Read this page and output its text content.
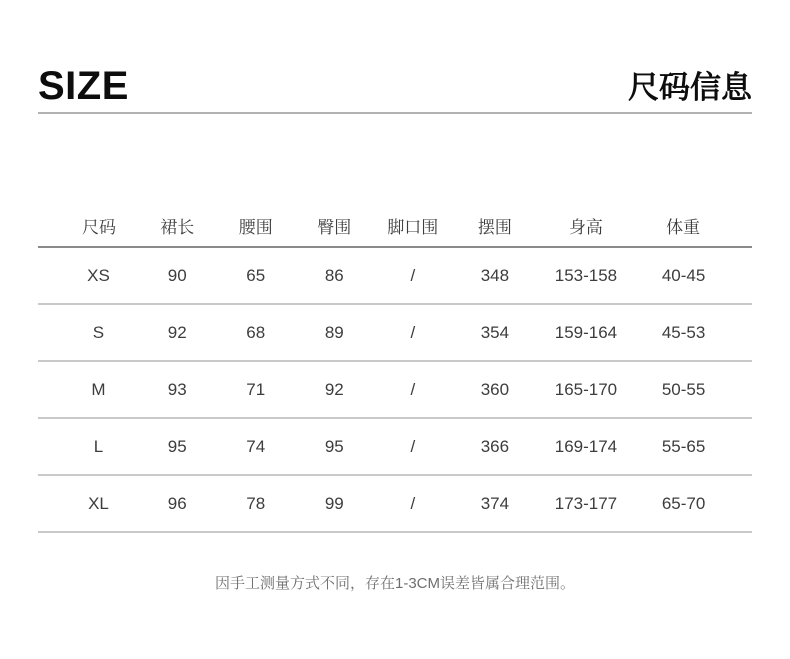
SIZE	尺码信息
尺码	裙长	腰围	臀围	脚口围	摆围	身高	体重
XS	90	65	86	/	348	153-158	40-45
S	92	68	89	/	354	159-164	45-53
M	93	71	92	/	360	165-170	50-55
L	95	74	95	/	366	169-174	55-65
XL	96	78	99	/	374	173-177	65-70
因手工测量方式不同，存在1-3CM误差皆属合理范围。
